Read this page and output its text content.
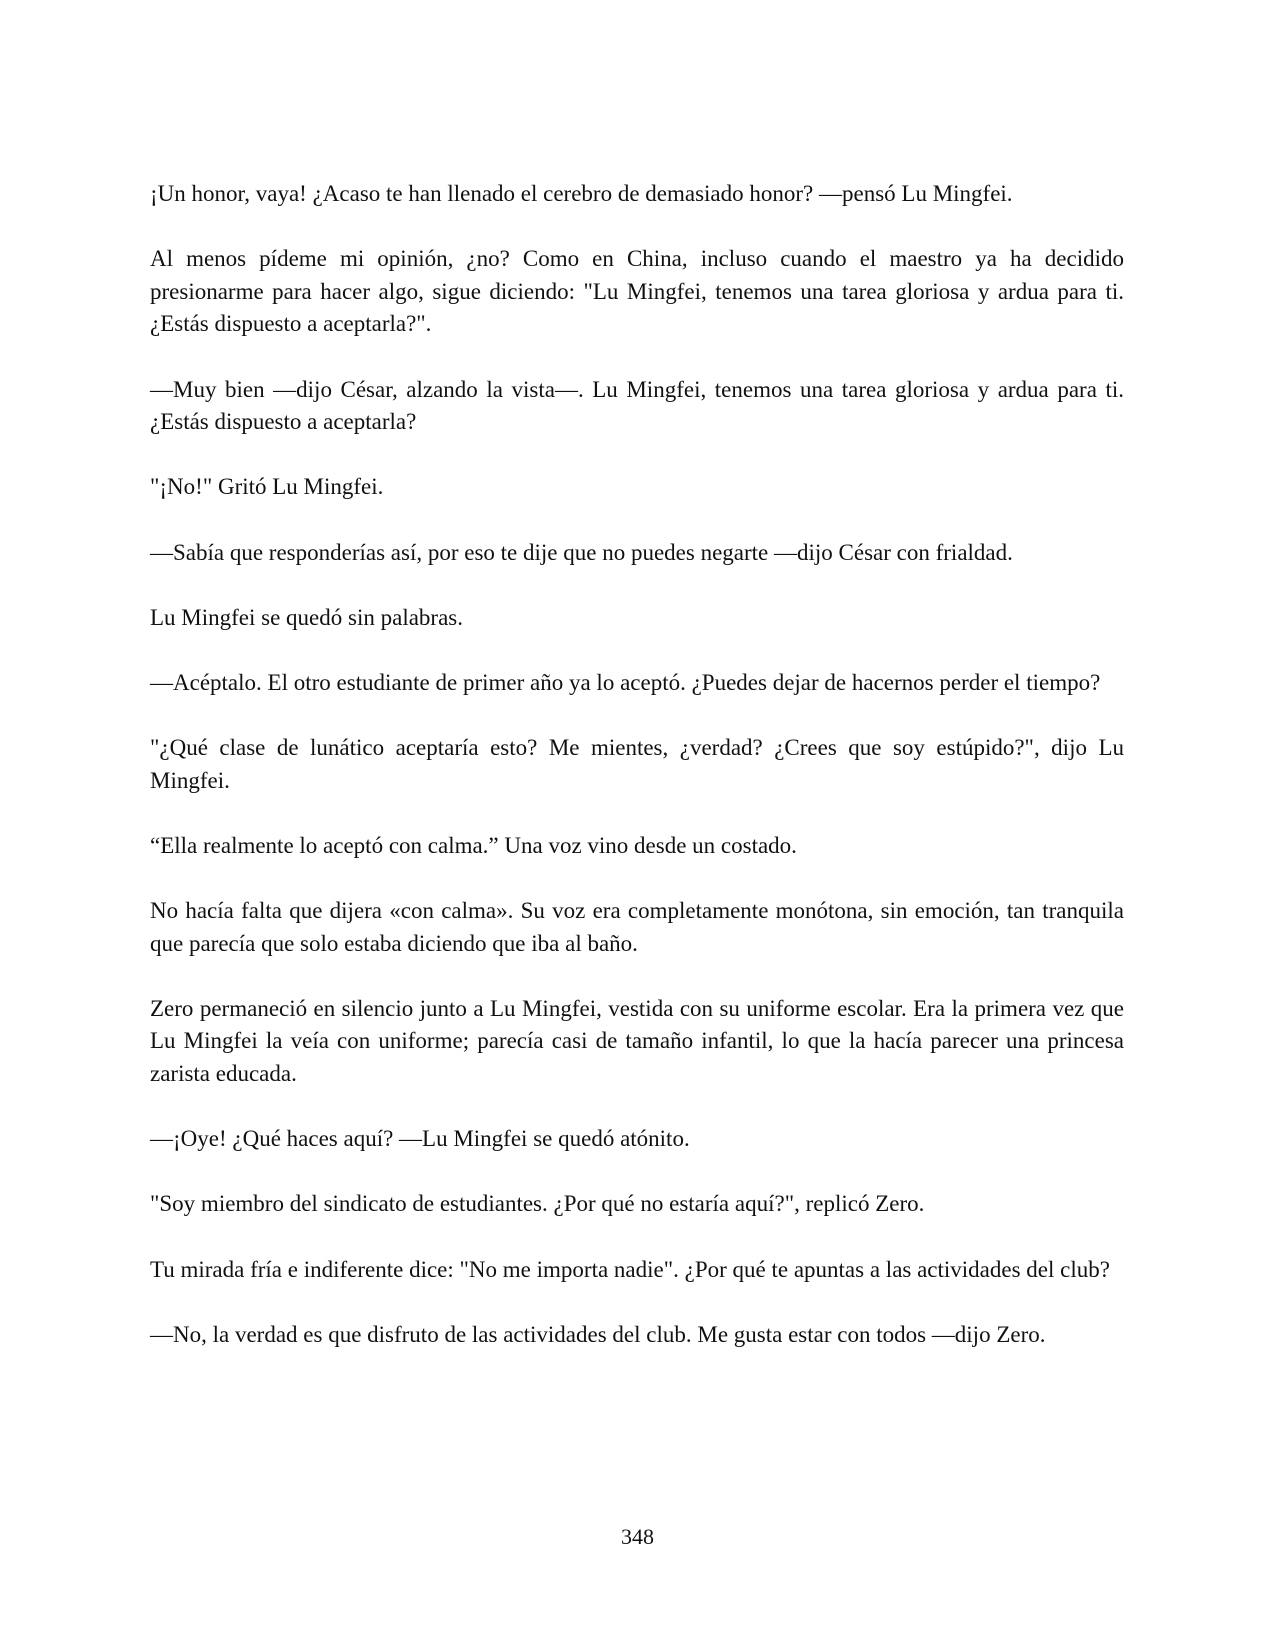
¡Un honor, vaya! ¿Acaso te han llenado el cerebro de demasiado honor? —pensó Lu Mingfei.

Al menos pídeme mi opinión, ¿no? Como en China, incluso cuando el maestro ya ha decidido presionarme para hacer algo, sigue diciendo: "Lu Mingfei, tenemos una tarea gloriosa y ardua para ti. ¿Estás dispuesto a aceptarla?".

—Muy bien —dijo César, alzando la vista—. Lu Mingfei, tenemos una tarea gloriosa y ardua para ti. ¿Estás dispuesto a aceptarla?

"¡No!" Gritó Lu Mingfei.

—Sabía que responderías así, por eso te dije que no puedes negarte —dijo César con frialdad.

Lu Mingfei se quedó sin palabras.

—Acéptalo. El otro estudiante de primer año ya lo aceptó. ¿Puedes dejar de hacernos perder el tiempo?

"¿Qué clase de lunático aceptaría esto? Me mientes, ¿verdad? ¿Crees que soy estúpido?", dijo Lu Mingfei.

“Ella realmente lo aceptó con calma.” Una voz vino desde un costado.

No hacía falta que dijera «con calma». Su voz era completamente monótona, sin emoción, tan tranquila que parecía que solo estaba diciendo que iba al baño.

Zero permaneció en silencio junto a Lu Mingfei, vestida con su uniforme escolar. Era la primera vez que Lu Mingfei la veía con uniforme; parecía casi de tamaño infantil, lo que la hacía parecer una princesa zarista educada.

—¡Oye! ¿Qué haces aquí? —Lu Mingfei se quedó atónito.

"Soy miembro del sindicato de estudiantes. ¿Por qué no estaría aquí?", replicó Zero.

Tu mirada fría e indiferente dice: "No me importa nadie". ¿Por qué te apuntas a las actividades del club?

—No, la verdad es que disfruto de las actividades del club. Me gusta estar con todos —dijo Zero.

348
